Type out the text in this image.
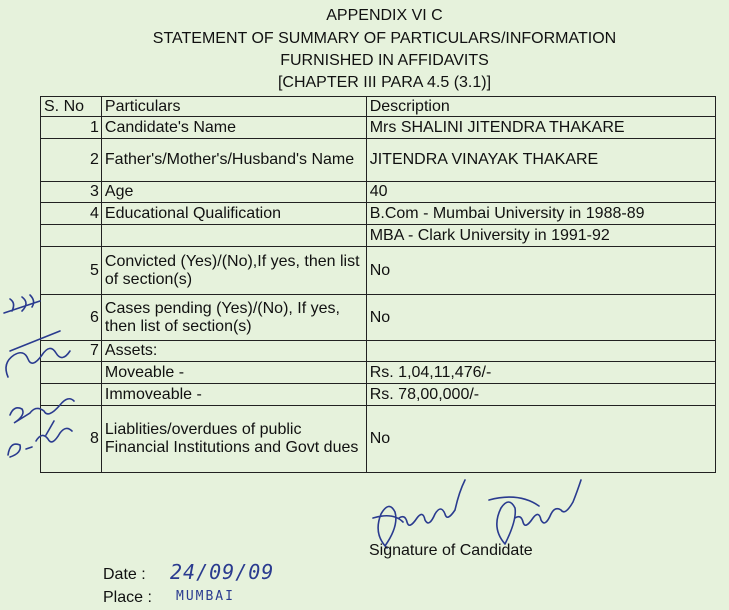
APPENDIX VI C
STATEMENT OF SUMMARY OF PARTICULARS/INFORMATION
FURNISHED IN AFFIDAVITS
[CHAPTER III PARA 4.5 (3.1)]
S. No	Particulars	Description
1	Candidate's Name	Mrs SHALINI JITENDRA THAKARE
2	Father's/Mother's/Husband's Name	JITENDRA VINAYAK THAKARE
3	Age	40
4	Educational Qualification	B.Com - Mumbai University in 1988-89
		MBA - Clark University in 1991-92
5	Convicted (Yes)/(No),If yes, then list of section(s)	No
6	Cases pending (Yes)/(No), If yes, then list of section(s)	No
7	Assets:	
	Moveable -	Rs. 1,04,11,476/-
	Immoveable -	Rs. 78,00,000/-
8	Liablities/overdues of public Financial Institutions and Govt dues	No
Signature of Candidate
Date : 24/09/09
Place : MUMBAI
